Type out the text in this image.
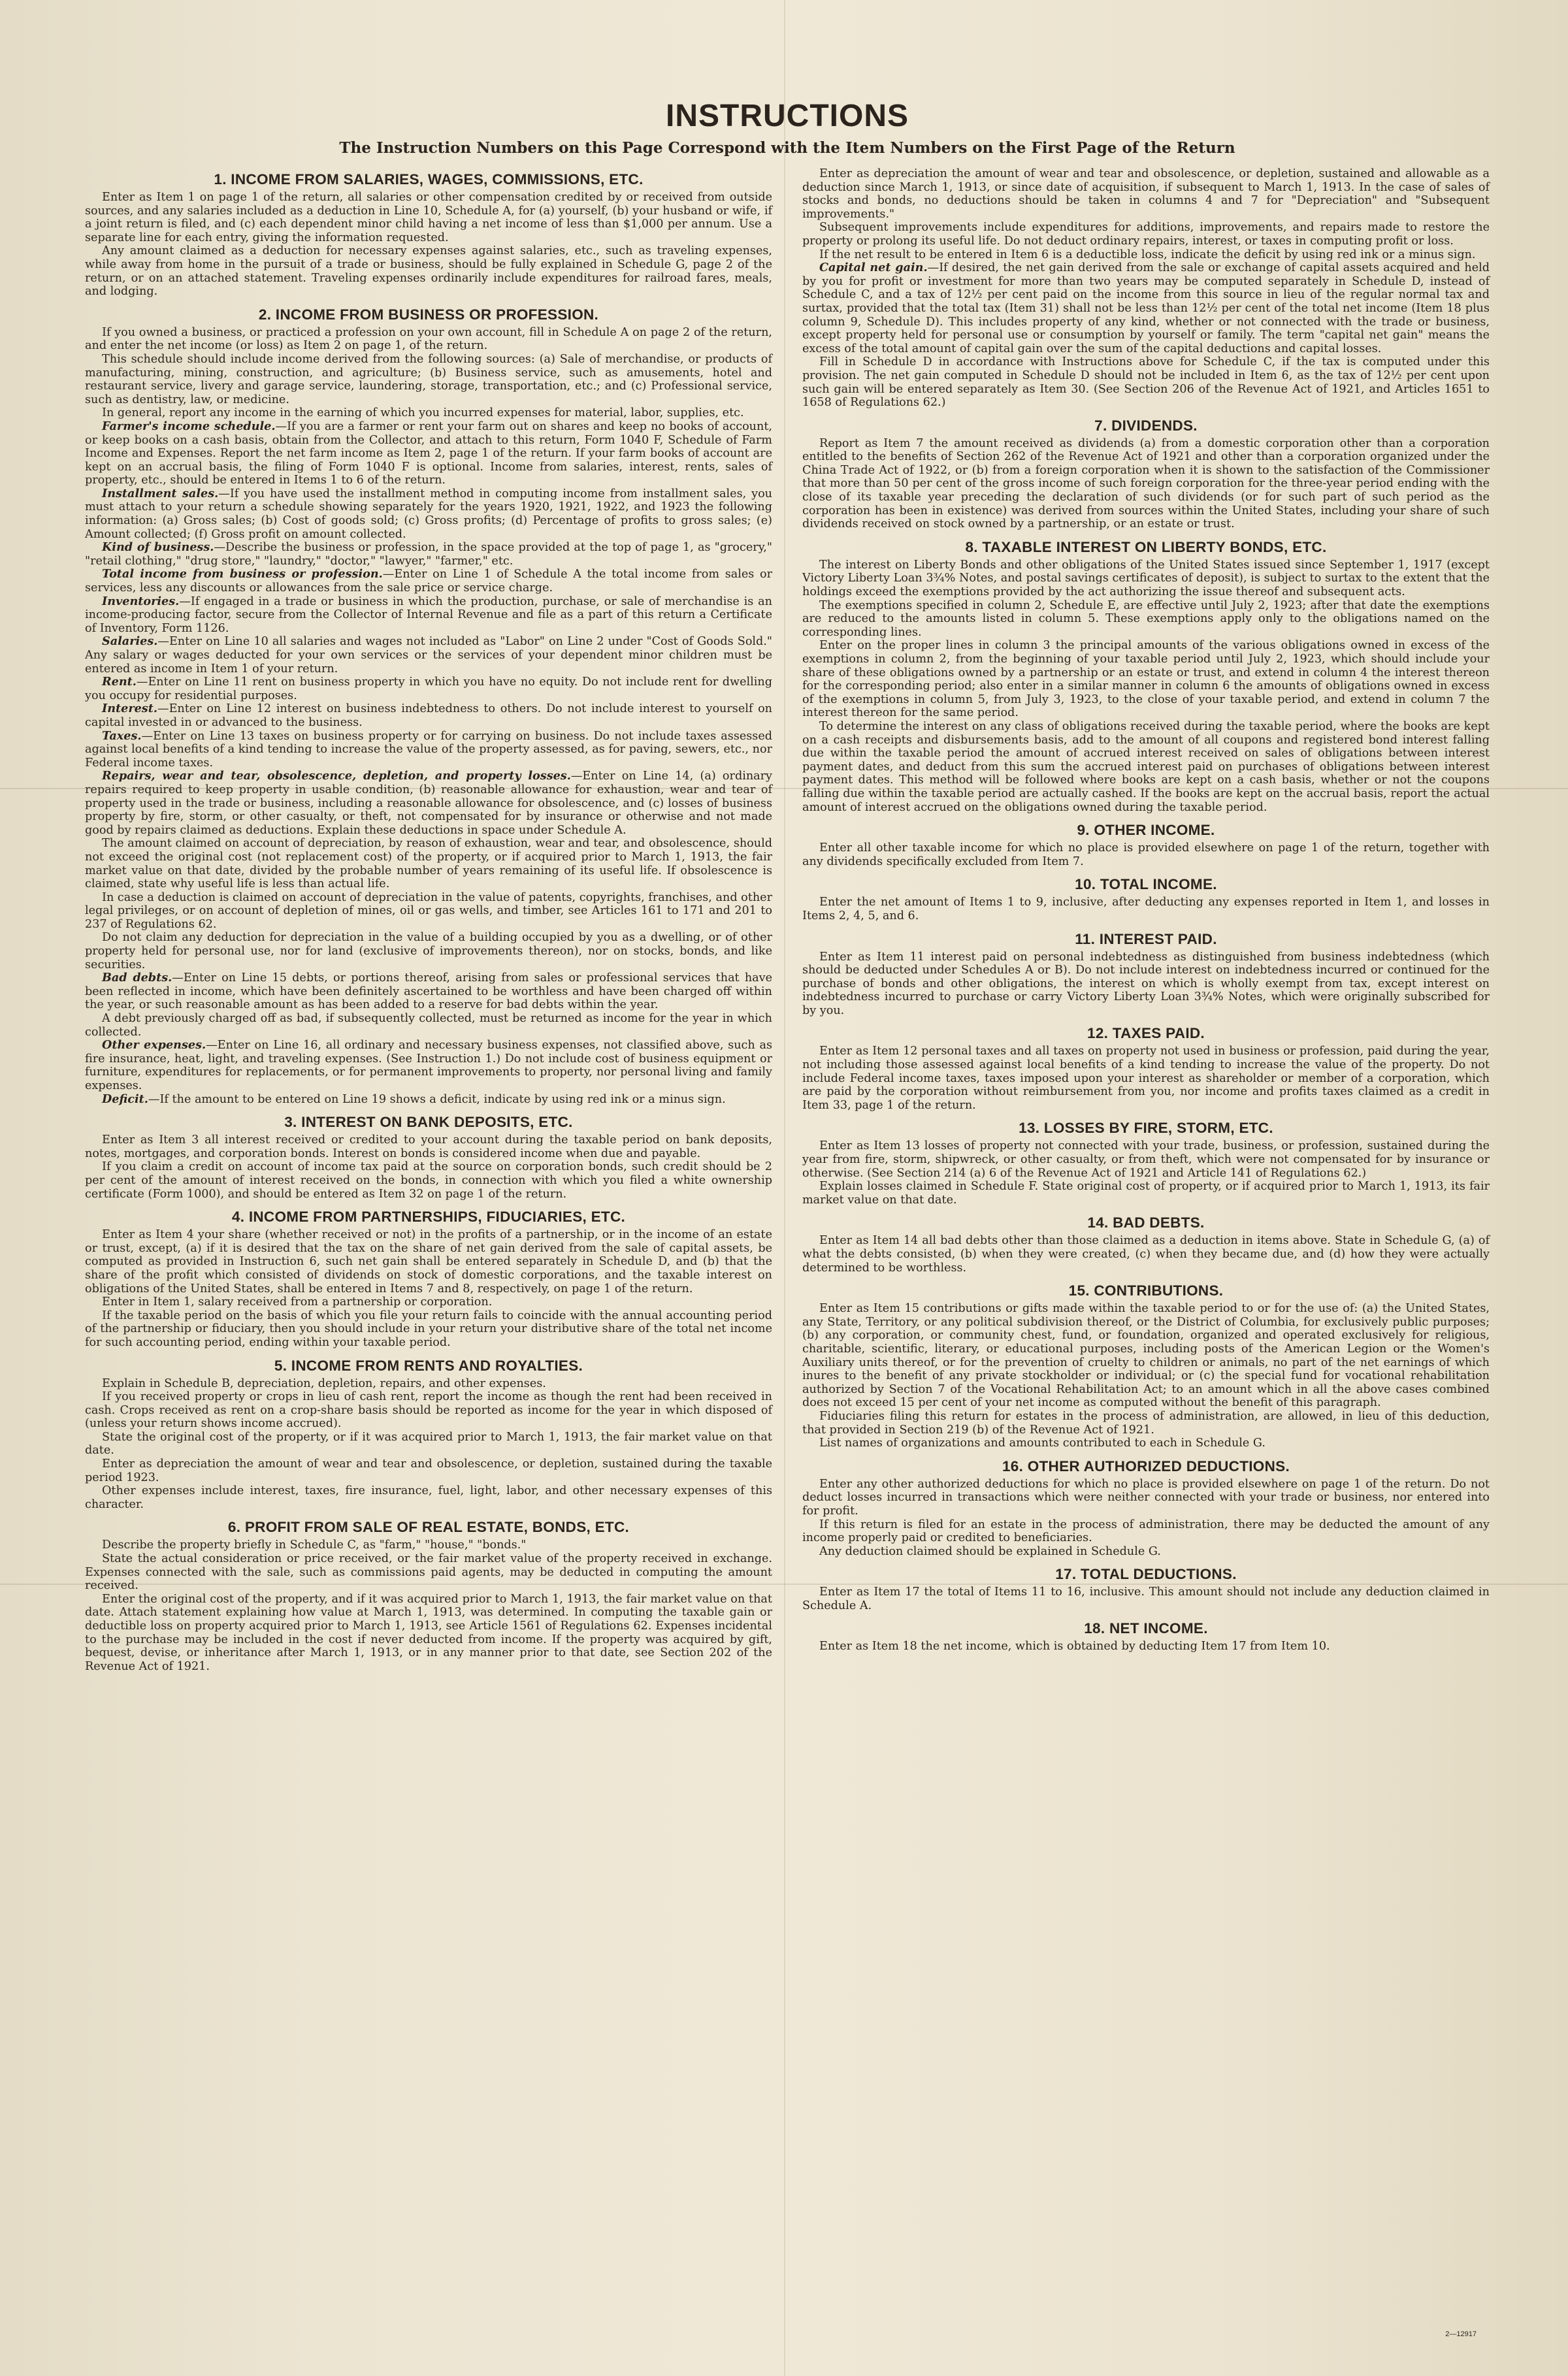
INSTRUCTIONS
The Instruction Numbers on this Page Correspond with the Item Numbers on the First Page of the Return
1. INCOME FROM SALARIES, WAGES, COMMISSIONS, ETC.

Enter as Item 1 on page 1 of the return, all salaries or other compensation credited by or received from outside sources, and any salaries included as a deduction in Line 10, Schedule A, for (a) yourself, (b) your husband or wife, if a joint return is filed, and (c) each dependent minor child having a net income of less than $1,000 per annum. Use a separate line for each entry, giving the information requested.

Any amount claimed as a deduction for necessary expenses against salaries, etc., such as traveling expenses, while away from home in the pursuit of a trade or business, should be fully explained in Schedule G, page 2 of the return, or on an attached statement. Traveling expenses ordinarily include expenditures for railroad fares, meals, and lodging.

2. INCOME FROM BUSINESS OR PROFESSION.

If you owned a business, or practiced a profession on your own account, fill in Schedule A on page 2 of the return, and enter the net income (or loss) as Item 2 on page 1, of the return.

This schedule should include income derived from the following sources: (a) Sale of merchandise, or products of manufacturing, mining, construction, and agriculture; (b) Business service, such as amusements, hotel and restaurant service, livery and garage service, laundering, storage, transportation, etc.; and (c) Professional service, such as dentistry, law, or medicine.

In general, report any income in the earning of which you incurred expenses for material, labor, supplies, etc.

Farmer's income schedule.—If you are a farmer or rent your farm out on shares and keep no books of account, or keep books on a cash basis, obtain from the Collector, and attach to this return, Form 1040 F, Schedule of Farm Income and Expenses. Report the net farm income as Item 2, page 1 of the return. If your farm books of account are kept on an accrual basis, the filing of Form 1040 F is optional. Income from salaries, interest, rents, sales of property, etc., should be entered in Items 1 to 6 of the return.

Installment sales.—If you have used the installment method in computing income from installment sales, you must attach to your return a schedule showing separately for the years 1920, 1921, 1922, and 1923 the following information: (a) Gross sales; (b) Cost of goods sold; (c) Gross profits; (d) Percentage of profits to gross sales; (e) Amount collected; (f) Gross profit on amount collected.

Kind of business.—Describe the business or profession, in the space provided at the top of page 1, as "grocery," "retail clothing," "drug store," "laundry," "doctor," "lawyer," "farmer," etc.

Total income from business or profession.—Enter on Line 1 of Schedule A the total income from sales or services, less any discounts or allowances from the sale price or service charge.

Inventories.—If engaged in a trade or business in which the production, purchase, or sale of merchandise is an income-producing factor, secure from the Collector of Internal Revenue and file as a part of this return a Certificate of Inventory, Form 1126.

Salaries.—Enter on Line 10 all salaries and wages not included as "Labor" on Line 2 under "Cost of Goods Sold." Any salary or wages deducted for your own services or the services of your dependent minor children must be entered as income in Item 1 of your return.

Rent.—Enter on Line 11 rent on business property in which you have no equity. Do not include rent for dwelling you occupy for residential purposes.

Interest.—Enter on Line 12 interest on business indebtedness to others. Do not include interest to yourself on capital invested in or advanced to the business.

Taxes.—Enter on Line 13 taxes on business property or for carrying on business. Do not include taxes assessed against local benefits of a kind tending to increase the value of the property assessed, as for paving, sewers, etc., nor Federal income taxes.

Repairs, wear and tear, obsolescence, depletion, and property losses.—Enter on Line 14, (a) ordinary repairs required to keep property in usable condition, (b) reasonable allowance for exhaustion, wear and tear of property used in the trade or business, including a reasonable allowance for obsolescence, and (c) losses of business property by fire, storm, or other casualty, or theft, not compensated for by insurance or otherwise and not made good by repairs claimed as deductions. Explain these deductions in space under Schedule A.

The amount claimed on account of depreciation, by reason of exhaustion, wear and tear, and obsolescence, should not exceed the original cost (not replacement cost) of the property, or if acquired prior to March 1, 1913, the fair market value on that date, divided by the probable number of years remaining of its useful life. If obsolescence is claimed, state why useful life is less than actual life.

In case a deduction is claimed on account of depreciation in the value of patents, copyrights, franchises, and other legal privileges, or on account of depletion of mines, oil or gas wells, and timber, see Articles 161 to 171 and 201 to 237 of Regulations 62.

Do not claim any deduction for depreciation in the value of a building occupied by you as a dwelling, or of other property held for personal use, nor for land (exclusive of improvements thereon), nor on stocks, bonds, and like securities.

Bad debts.—Enter on Line 15 debts, or portions thereof, arising from sales or professional services that have been reflected in income, which have been definitely ascertained to be worthless and have been charged off within the year, or such reasonable amount as has been added to a reserve for bad debts within the year.

A debt previously charged off as bad, if subsequently collected, must be returned as income for the year in which collected.

Other expenses.—Enter on Line 16, all ordinary and necessary business expenses, not classified above, such as fire insurance, heat, light, and traveling expenses. (See Instruction 1.) Do not include cost of business equipment or furniture, expenditures for replacements, or for permanent improvements to property, nor personal living and family expenses.

Deficit.—If the amount to be entered on Line 19 shows a deficit, indicate by using red ink or a minus sign.

3. INTEREST ON BANK DEPOSITS, ETC.

Enter as Item 3 all interest received or credited to your account during the taxable period on bank deposits, notes, mortgages, and corporation bonds. Interest on bonds is considered income when due and payable.

If you claim a credit on account of income tax paid at the source on corporation bonds, such credit should be 2 per cent of the amount of interest received on the bonds, in connection with which you filed a white ownership certificate (Form 1000), and should be entered as Item 32 on page 1 of the return.

4. INCOME FROM PARTNERSHIPS, FIDUCIARIES, ETC.

Enter as Item 4 your share (whether received or not) in the profits of a partnership, or in the income of an estate or trust, except, (a) if it is desired that the tax on the share of net gain derived from the sale of capital assets, be computed as provided in Instruction 6, such net gain shall be entered separately in Schedule D, and (b) that the share of the profit which consisted of dividends on stock of domestic corporations, and the taxable interest on obligations of the United States, shall be entered in Items 7 and 8, respectively, on page 1 of the return.

Enter in Item 1, salary received from a partnership or corporation.

If the taxable period on the basis of which you file your return fails to coincide with the annual accounting period of the partnership or fiduciary, then you should include in your return your distributive share of the total net income for such accounting period, ending within your taxable period.

5. INCOME FROM RENTS AND ROYALTIES.

Explain in Schedule B, depreciation, depletion, repairs, and other expenses.

If you received property or crops in lieu of cash rent, report the income as though the rent had been received in cash. Crops received as rent on a crop-share basis should be reported as income for the year in which disposed of (unless your return shows income accrued).

State the original cost of the property, or if it was acquired prior to March 1, 1913, the fair market value on that date.

Enter as depreciation the amount of wear and tear and obsolescence, or depletion, sustained during the taxable period 1923.

Other expenses include interest, taxes, fire insurance, fuel, light, labor, and other necessary expenses of this character.

6. PROFIT FROM SALE OF REAL ESTATE, BONDS, ETC.

Describe the property briefly in Schedule C, as "farm," "house," "bonds."

State the actual consideration or price received, or the fair market value of the property received in exchange. Expenses connected with the sale, such as commissions paid agents, may be deducted in computing the amount received.

Enter the original cost of the property, and if it was acquired prior to March 1, 1913, the fair market value on that date. Attach statement explaining how value at March 1, 1913, was determined. In computing the taxable gain or deductible loss on property acquired prior to March 1, 1913, see Article 1561 of Regulations 62. Expenses incidental to the purchase may be included in the cost if never deducted from income. If the property was acquired by gift, bequest, devise, or inheritance after March 1, 1913, or in any manner prior to that date, see Section 202 of the Revenue Act of 1921.

Enter as depreciation the amount of wear and tear and obsolescence, or depletion, sustained and allowable as a deduction since March 1, 1913, or since date of acquisition, if subsequent to March 1, 1913. In the case of sales of stocks and bonds, no deductions should be taken in columns 4 and 7 for "Depreciation" and "Subsequent improvements."

Subsequent improvements include expenditures for additions, improvements, and repairs made to restore the property or prolong its useful life. Do not deduct ordinary repairs, interest, or taxes in computing profit or loss.

If the net result to be entered in Item 6 is a deductible loss, indicate the deficit by using red ink or a minus sign.

Capital net gain.—If desired, the net gain derived from the sale or exchange of capital assets acquired and held by you for profit or investment for more than two years may be computed separately in Schedule D, instead of Schedule C, and a tax of 12½ per cent paid on the income from this source in lieu of the regular normal tax and surtax, provided that the total tax (Item 31) shall not be less than 12½ per cent of the total net income (Item 18 plus column 9, Schedule D). This includes property of any kind, whether or not connected with the trade or business, except property held for personal use or consumption by yourself or family. The term "capital net gain" means the excess of the total amount of capital gain over the sum of the capital deductions and capital losses.

Fill in Schedule D in accordance with Instructions above for Schedule C, if the tax is computed under this provision. The net gain computed in Schedule D should not be included in Item 6, as the tax of 12½ per cent upon such gain will be entered separately as Item 30. (See Section 206 of the Revenue Act of 1921, and Articles 1651 to 1658 of Regulations 62.)

7. DIVIDENDS.

Report as Item 7 the amount received as dividends (a) from a domestic corporation other than a corporation entitled to the benefits of Section 262 of the Revenue Act of 1921 and other than a corporation organized under the China Trade Act of 1922, or (b) from a foreign corporation when it is shown to the satisfaction of the Commissioner that more than 50 per cent of the gross income of such foreign corporation for the three-year period ending with the close of its taxable year preceding the declaration of such dividends (or for such part of such period as the corporation has been in existence) was derived from sources within the United States, including your share of such dividends received on stock owned by a partnership, or an estate or trust.

8. TAXABLE INTEREST ON LIBERTY BONDS, ETC.

The interest on Liberty Bonds and other obligations of the United States issued since September 1, 1917 (except Victory Liberty Loan 3¾% Notes, and postal savings certificates of deposit), is subject to surtax to the extent that the holdings exceed the exemptions provided by the act authorizing the issue thereof and subsequent acts.

The exemptions specified in column 2, Schedule E, are effective until July 2, 1923; after that date the exemptions are reduced to the amounts listed in column 5. These exemptions apply only to the obligations named on the corresponding lines.

Enter on the proper lines in column 3 the principal amounts of the various obligations owned in excess of the exemptions in column 2, from the beginning of your taxable period until July 2, 1923, which should include your share of these obligations owned by a partnership or an estate or trust, and extend in column 4 the interest thereon for the corresponding period; also enter in a similar manner in column 6 the amounts of obligations owned in excess of the exemptions in column 5, from July 3, 1923, to the close of your taxable period, and extend in column 7 the interest thereon for the same period.

To determine the interest on any class of obligations received during the taxable period, where the books are kept on a cash receipts and disbursements basis, add to the amount of all coupons and registered bond interest falling due within the taxable period the amount of accrued interest received on sales of obligations between interest payment dates, and deduct from this sum the accrued interest paid on purchases of obligations between interest payment dates. This method will be followed where books are kept on a cash basis, whether or not the coupons falling due within the taxable period are actually cashed. If the books are kept on the accrual basis, report the actual amount of interest accrued on the obligations owned during the taxable period.

9. OTHER INCOME.

Enter all other taxable income for which no place is provided elsewhere on page 1 of the return, together with any dividends specifically excluded from Item 7.

10. TOTAL INCOME.

Enter the net amount of Items 1 to 9, inclusive, after deducting any expenses reported in Item 1, and losses in Items 2, 4, 5, and 6.

11. INTEREST PAID.

Enter as Item 11 interest paid on personal indebtedness as distinguished from business indebtedness (which should be deducted under Schedules A or B). Do not include interest on indebtedness incurred or continued for the purchase of bonds and other obligations, the interest on which is wholly exempt from tax, except interest on indebtedness incurred to purchase or carry Victory Liberty Loan 3¾% Notes, which were originally subscribed for by you.

12. TAXES PAID.

Enter as Item 12 personal taxes and all taxes on property not used in business or profession, paid during the year, not including those assessed against local benefits of a kind tending to increase the value of the property. Do not include Federal income taxes, taxes imposed upon your interest as shareholder or member of a corporation, which are paid by the corporation without reimbursement from you, nor income and profits taxes claimed as a credit in Item 33, page 1 of the return.

13. LOSSES BY FIRE, STORM, ETC.

Enter as Item 13 losses of property not connected with your trade, business, or profession, sustained during the year from fire, storm, shipwreck, or other casualty, or from theft, which were not compensated for by insurance or otherwise. (See Section 214 (a) 6 of the Revenue Act of 1921 and Article 141 of Regulations 62.)

Explain losses claimed in Schedule F. State original cost of property, or if acquired prior to March 1, 1913, its fair market value on that date.

14. BAD DEBTS.

Enter as Item 14 all bad debts other than those claimed as a deduction in items above. State in Schedule G, (a) of what the debts consisted, (b) when they were created, (c) when they became due, and (d) how they were actually determined to be worthless.

15. CONTRIBUTIONS.

Enter as Item 15 contributions or gifts made within the taxable period to or for the use of: (a) the United States, any State, Territory, or any political subdivision thereof, or the District of Columbia, for exclusively public purposes; (b) any corporation, or community chest, fund, or foundation, organized and operated exclusively for religious, charitable, scientific, literary, or educational purposes, including posts of the American Legion or the Women's Auxiliary units thereof, or for the prevention of cruelty to children or animals, no part of the net earnings of which inures to the benefit of any private stockholder or individual; or (c) the special fund for vocational rehabilitation authorized by Section 7 of the Vocational Rehabilitation Act; to an amount which in all the above cases combined does not exceed 15 per cent of your net income as computed without the benefit of this paragraph.

Fiduciaries filing this return for estates in the process of administration, are allowed, in lieu of this deduction, that provided in Section 219 (b) of the Revenue Act of 1921.

List names of organizations and amounts contributed to each in Schedule G.

16. OTHER AUTHORIZED DEDUCTIONS.

Enter any other authorized deductions for which no place is provided elsewhere on page 1 of the return. Do not deduct losses incurred in transactions which were neither connected with your trade or business, nor entered into for profit.

If this return is filed for an estate in the process of administration, there may be deducted the amount of any income properly paid or credited to beneficiaries.

Any deduction claimed should be explained in Schedule G.

17. TOTAL DEDUCTIONS.

Enter as Item 17 the total of Items 11 to 16, inclusive. This amount should not include any deduction claimed in Schedule A.

18. NET INCOME.

Enter as Item 18 the net income, which is obtained by deducting Item 17 from Item 10.

2—12917
